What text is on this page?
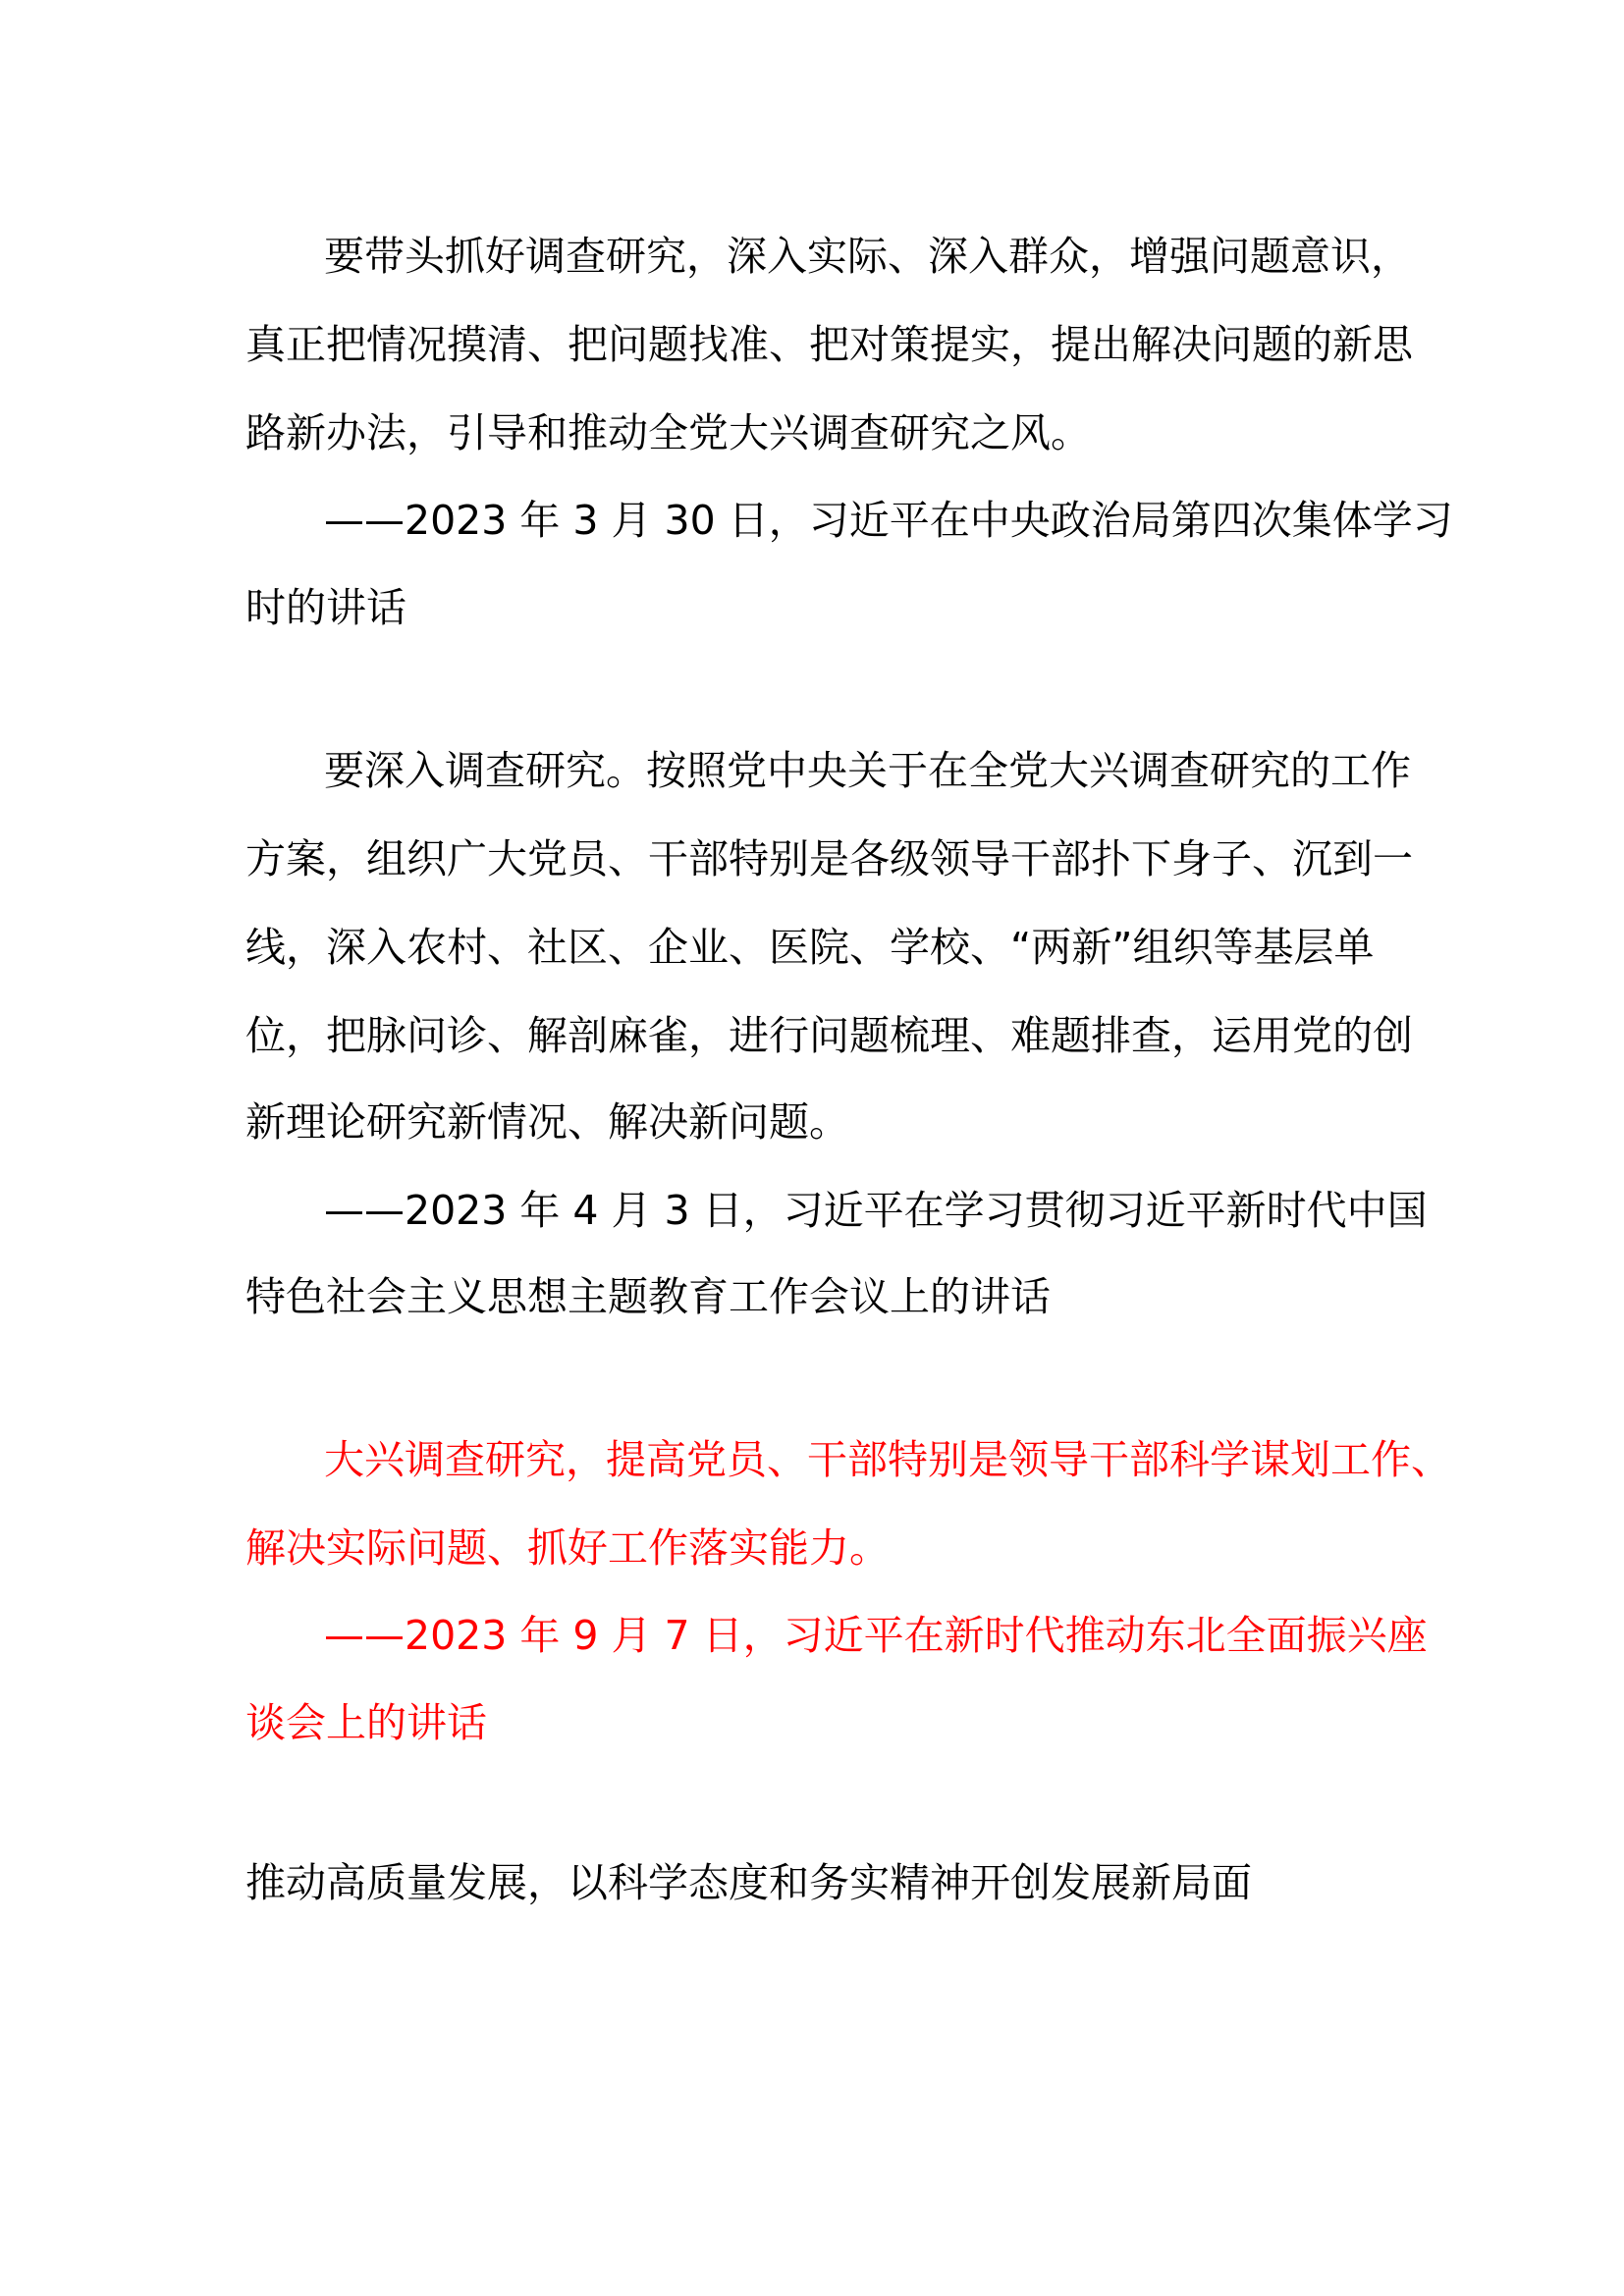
要带头抓好调查研究，深入实际、深入群众，增强问题意识，
真正把情况摸清、把问题找准、把对策提实，提出解决问题的新思
路新办法，引导和推动全党大兴调查研究之风。
——2023 年 3 月 30 日，习近平在中央政治局第四次集体学习
时的讲话
要深入调查研究。按照党中央关于在全党大兴调查研究的工作
方案，组织广大党员、干部特别是各级领导干部扑下身子、沉到一
线，深入农村、社区、企业、医院、学校、“两新”组织等基层单
位，把脉问诊、解剖麻雀，进行问题梳理、难题排查，运用党的创
新理论研究新情况、解决新问题。
——2023 年 4 月 3 日，习近平在学习贯彻习近平新时代中国
特色社会主义思想主题教育工作会议上的讲话
大兴调查研究，提高党员、干部特别是领导干部科学谋划工作、
解决实际问题、抓好工作落实能力。
——2023 年 9 月 7 日，习近平在新时代推动东北全面振兴座
谈会上的讲话
推动高质量发展，以科学态度和务实精神开创发展新局面
